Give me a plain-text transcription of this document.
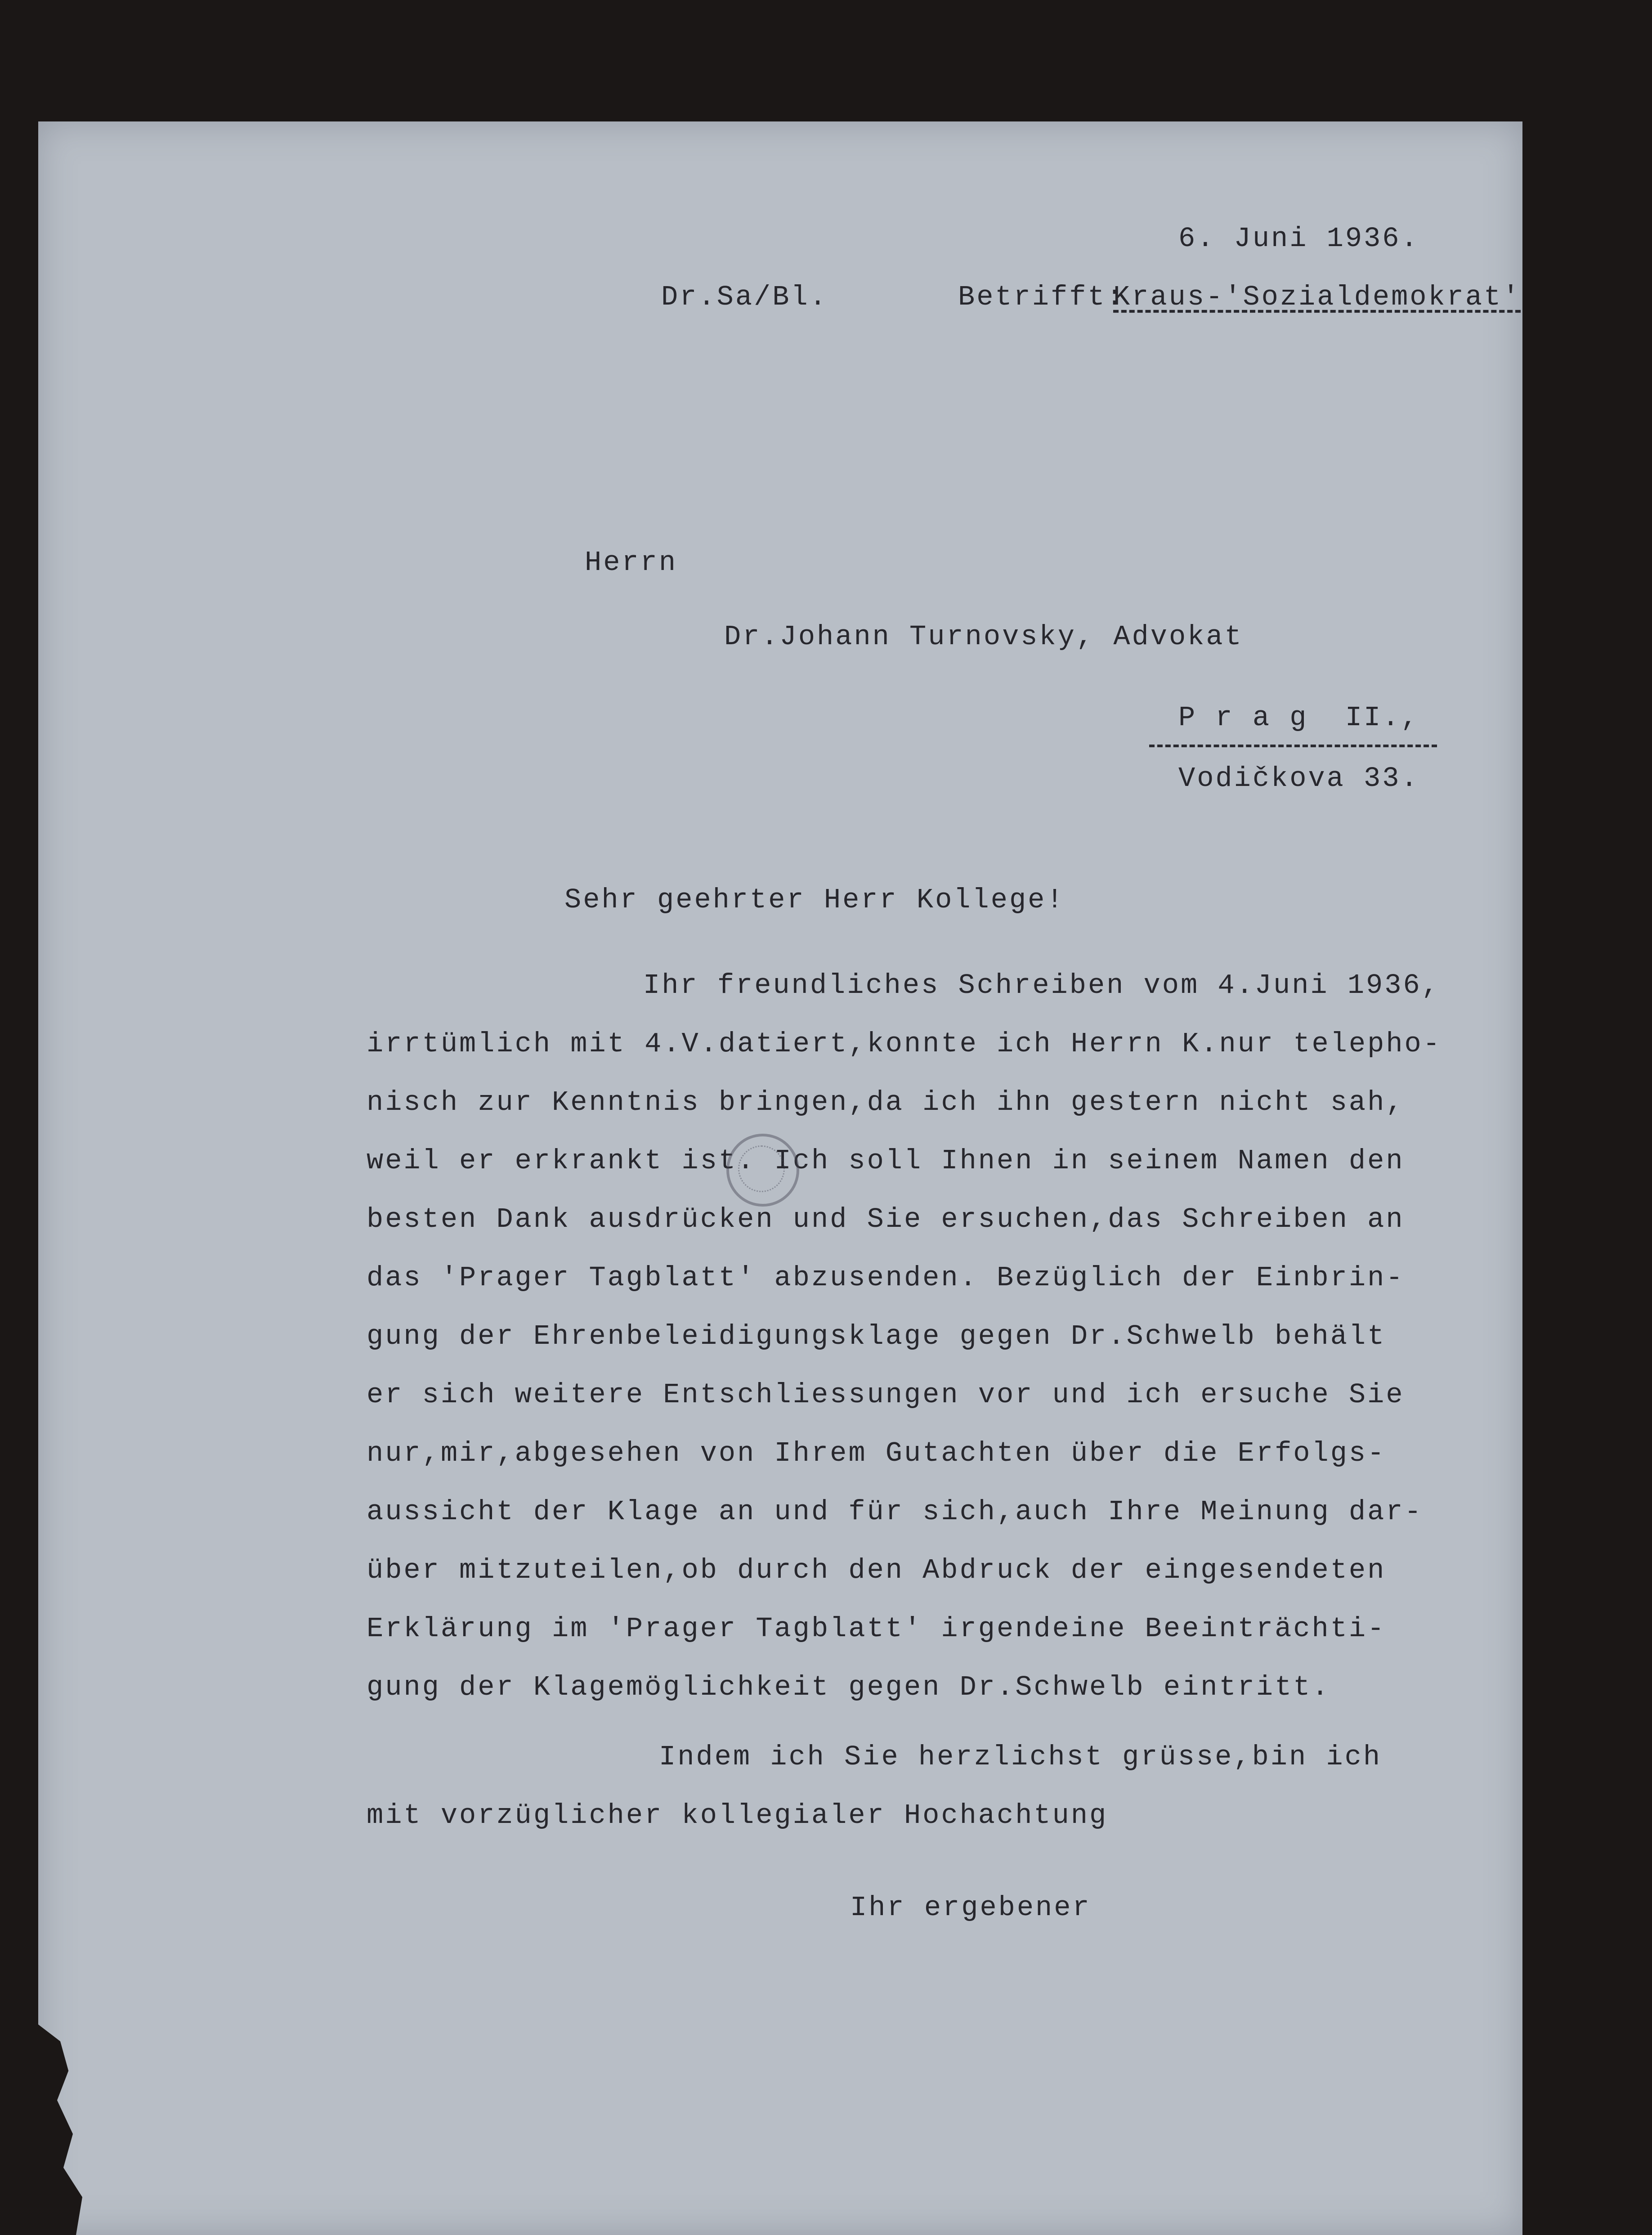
6. Juni 1936.
Dr.Sa/Bl.	Betrifft:
Kraus-'Sozialdemokrat'
Herrn
Dr.Johann Turnovsky, Advokat
P r a g  II.,
Vodičkova 33.
Sehr geehrter Herr Kollege!
Ihr freundliches Schreiben vom 4.Juni 1936,
irrtümlich mit 4.V.datiert,konnte ich Herrn K.nur telepho-
nisch zur Kenntnis bringen,da ich ihn gestern nicht sah,
weil er erkrankt ist. Ich soll Ihnen in seinem Namen den
besten Dank ausdrücken und Sie ersuchen,das Schreiben an
das 'Prager Tagblatt' abzusenden. Bezüglich der Einbrin-
gung der Ehrenbeleidigungsklage gegen Dr.Schwelb behält
er sich weitere Entschliessungen vor und ich ersuche Sie
nur,mir,abgesehen von Ihrem Gutachten über die Erfolgs-
aussicht der Klage an und für sich,auch Ihre Meinung dar-
über mitzuteilen,ob durch den Abdruck der eingesendeten
Erklärung im 'Prager Tagblatt' irgendeine Beeinträchti-
gung der Klagemöglichkeit gegen Dr.Schwelb eintritt.
Indem ich Sie herzlichst grüsse,bin ich
mit vorzüglicher kollegialer Hochachtung
Ihr ergebener
